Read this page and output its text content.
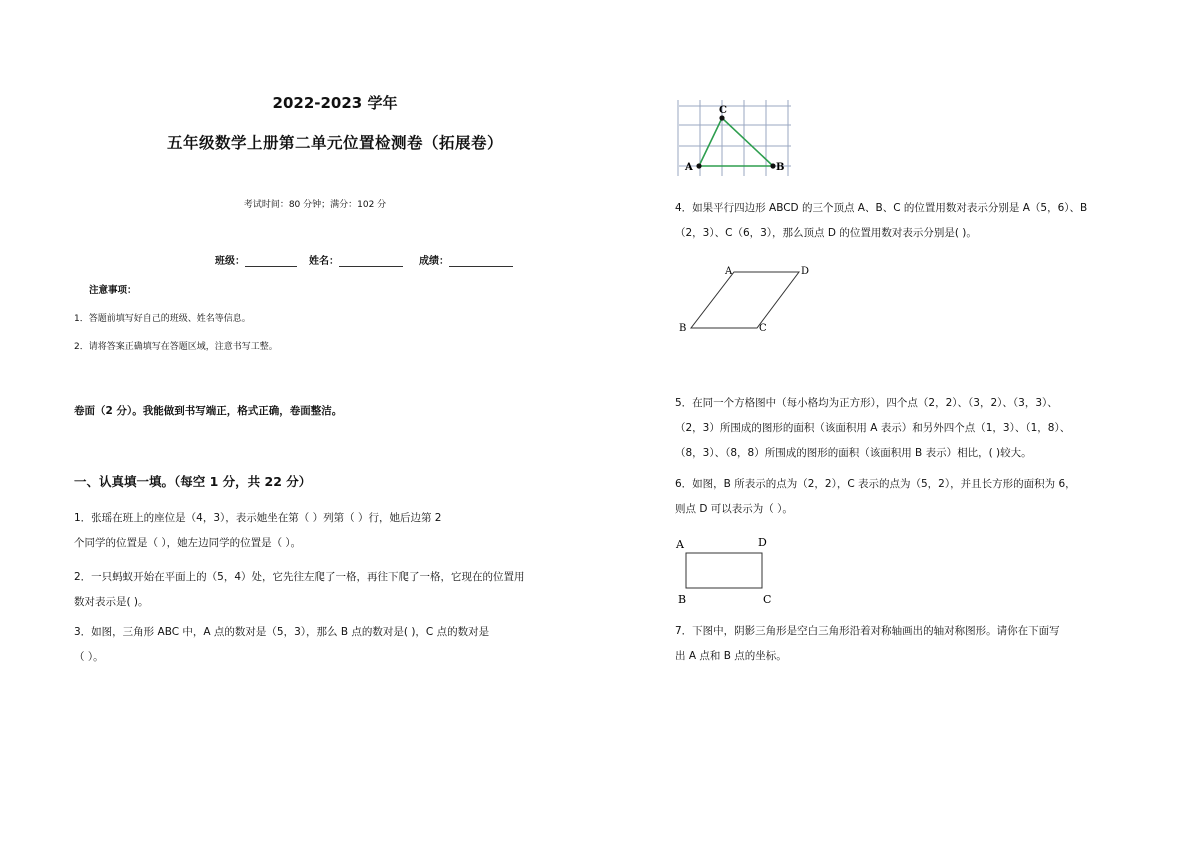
2022-2023 学年
五年级数学上册第二单元位置检测卷（拓展卷）
考试时间：80 分钟；满分：102 分
班级：	姓名：	成绩：
注意事项：
1．答题前填写好自己的班级、姓名等信息。
2．请将答案正确填写在答题区域，注意书写工整。
卷面（2 分）。我能做到书写端正，格式正确，卷面整洁。
一、认真填一填。（每空 1 分，共 22 分）
1．张瑶在班上的座位是（4，3），表示她坐在第（ ）列第（ ）行，她后边第 2
个同学的位置是（ ），她左边同学的位置是（ ）。
2．一只蚂蚁开始在平面上的（5，4）处，它先往左爬了一格，再往下爬了一格，它现在的位置用
数对表示是( )。
3．如图，三角形 ABC 中，A 点的数对是（5，3），那么 B 点的数对是( )，C 点的数对是
（ ）。
A
C
B
4．如果平行四边形 ABCD 的三个顶点 A、B、C 的位置用数对表示分别是 A（5，6）、B
（2，3）、C（6，3），那么顶点 D 的位置用数对表示分别是( )。
A	D
B	C
5．在同一个方格图中（每小格均为正方形），四个点（2，2）、（3，2）、（3，3）、
（2，3）所围成的图形的面积（该面积用 A 表示）和另外四个点（1，3）、（1，8）、
（8，3）、（8，8）所围成的图形的面积（该面积用 B 表示）相比，( )较大。
6．如图，B 所表示的点为（2，2），C 表示的点为（5，2），并且长方形的面积为 6，
则点 D 可以表示为（ ）。
A	D
B	C
7．下图中，阴影三角形是空白三角形沿着对称轴画出的轴对称图形。请你在下面写
出 A 点和 B 点的坐标。
